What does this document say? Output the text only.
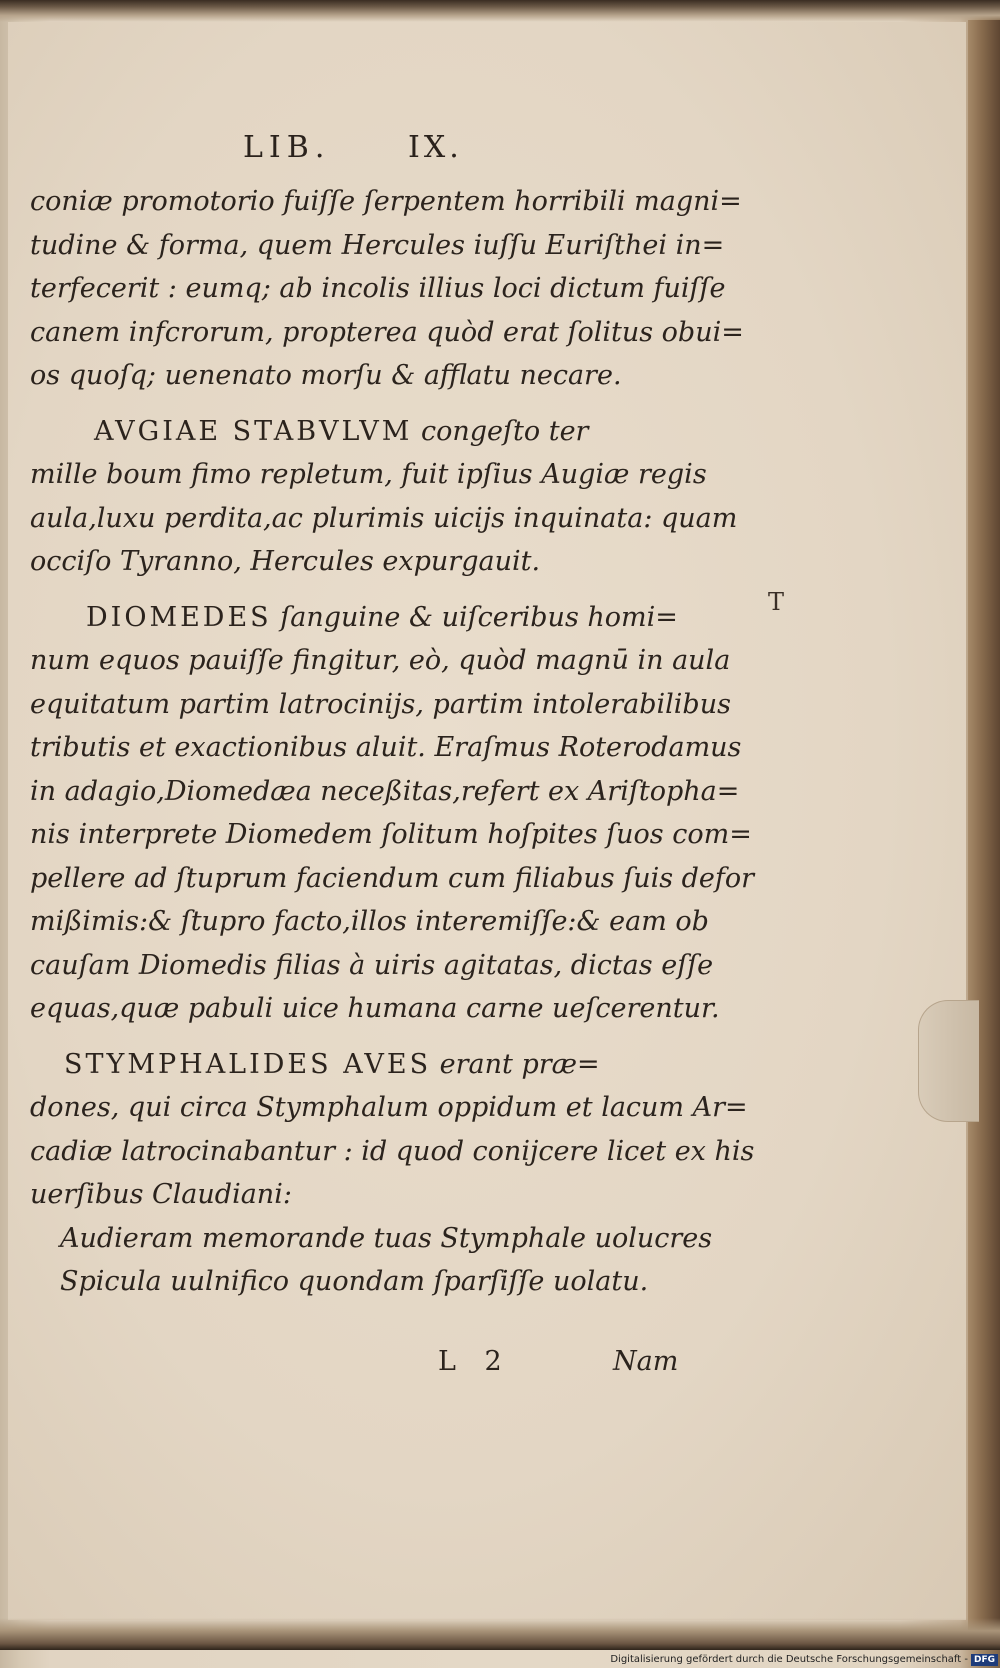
LIB.	IX.
coniæ promotorio fuiſſe ſerpentem horribili magni=
tudine & forma, quem Hercules iuſſu Euriſthei in=
terfecerit : eumq; ab incolis illius loci dictum fuiſſe
canem infcrorum, propterea quòd erat ſolitus obui=
os quoſq; uenenato morſu & afflatu necare.
AVGIAE STABVLVM congeſto ter
mille boum fimo repletum, fuit ipſius Augiæ regis
aula,luxu perdita,ac plurimis uicijs inquinata: quam
occiſo Tyranno, Hercules expurgauit.
DIOMEDES ſanguine & uiſceribus homi=
num equos pauiſſe fingitur, eò, quòd magnū in aula
equitatum partim latrocinijs, partim intolerabilibus
tributis et exactionibus aluit. Eraſmus Roterodamus
in adagio,Diomedæa neceßitas,refert ex Ariſtopha=
nis interprete Diomedem ſolitum hoſpites ſuos com=
pellere ad ſtuprum faciendum cum filiabus ſuis defor
mißimis:& ſtupro facto,illos interemiſſe:& eam ob
cauſam Diomedis filias à uiris agitatas, dictas eſſe
equas,quæ pabuli uice humana carne ueſcerentur.
STYMPHALIDES AVES erant præ=
dones, qui circa Stymphalum oppidum et lacum Ar=
cadiæ latrocinabantur : id quod conijcere licet ex his
uerſibus Claudiani:
Audieram memorande tuas Stymphale uolucres
Spicula uulnifico quondam ſparſiſſe uolatu.
L 2	Nam
T
Digitalisierung gefördert durch die Deutsche Forschungsgemeinschaft - DFG
